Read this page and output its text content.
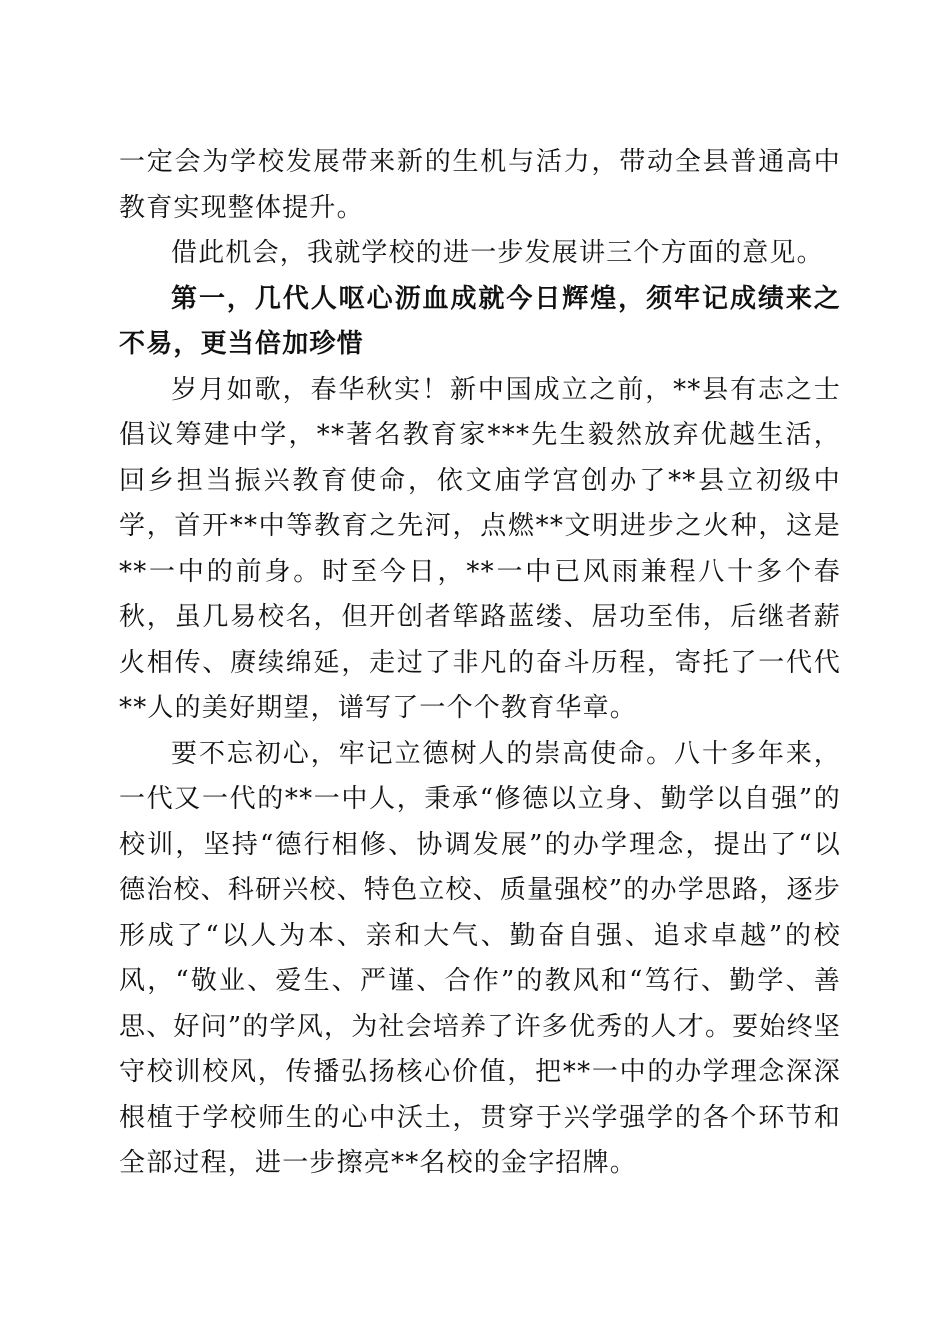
一定会为学校发展带来新的生机与活力，带动全县普通高中教育实现整体提升。

借此机会，我就学校的进一步发展讲三个方面的意见。

第一，几代人呕心沥血成就今日辉煌，须牢记成绩来之不易，更当倍加珍惜

岁月如歌，春华秋实！新中国成立之前，**县有志之士倡议筹建中学，**著名教育家***先生毅然放弃优越生活，回乡担当振兴教育使命，依文庙学宫创办了**县立初级中学，首开**中等教育之先河，点燃**文明进步之火种，这是**一中的前身。时至今日，**一中已风雨兼程八十多个春秋，虽几易校名，但开创者筚路蓝缕、居功至伟，后继者薪火相传、赓续绵延，走过了非凡的奋斗历程，寄托了一代代**人的美好期望，谱写了一个个教育华章。

要不忘初心，牢记立德树人的崇高使命。八十多年来，一代又一代的**一中人，秉承“修德以立身、勤学以自强”的校训，坚持“德行相修、协调发展”的办学理念，提出了“以德治校、科研兴校、特色立校、质量强校”的办学思路，逐步形成了“以人为本、亲和大气、勤奋自强、追求卓越”的校风，“敬业、爱生、严谨、合作”的教风和“笃行、勤学、善思、好问”的学风，为社会培养了许多优秀的人才。要始终坚守校训校风，传播弘扬核心价值，把**一中的办学理念深深根植于学校师生的心中沃土，贯穿于兴学强学的各个环节和全部过程，进一步擦亮**名校的金字招牌。
